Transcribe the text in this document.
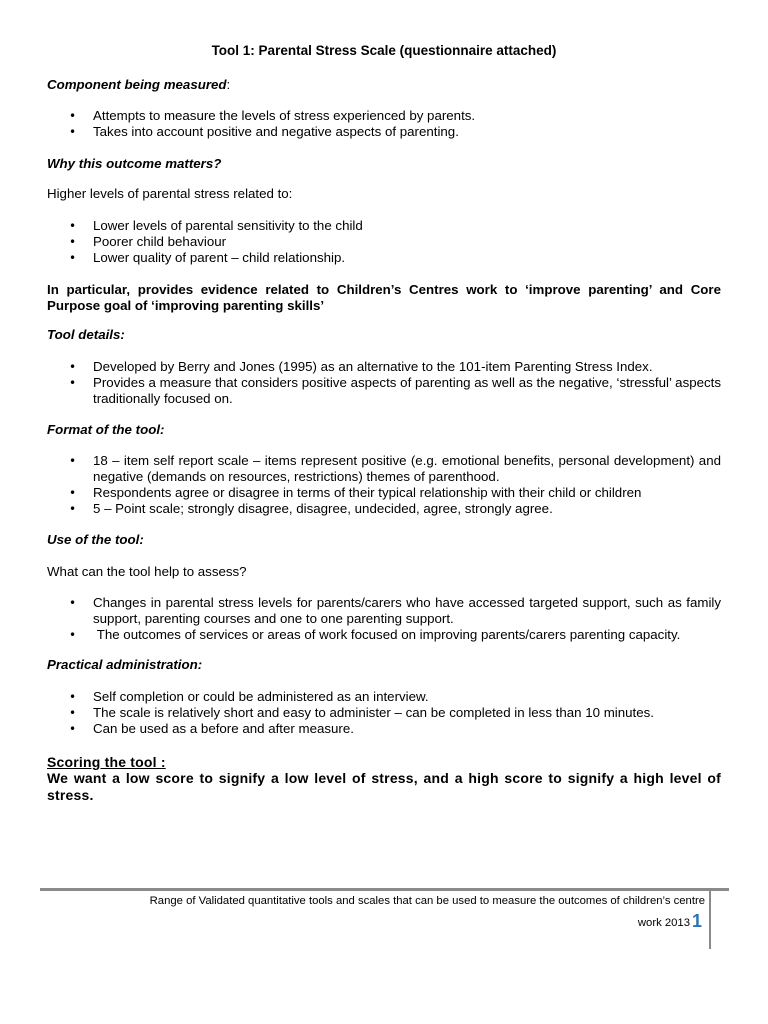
Tool 1: Parental Stress Scale (questionnaire attached)
Component being measured:
• Attempts to measure the levels of stress experienced by parents.
• Takes into account positive and negative aspects of parenting.
Why this outcome matters?
Higher levels of parental stress related to:
• Lower levels of parental sensitivity to the child
• Poorer child behaviour
• Lower quality of parent – child relationship.
In particular, provides evidence related to Children’s Centres work to ‘improve parenting’ and Core Purpose goal of ‘improving parenting skills’
Tool details:
• Developed by Berry and Jones (1995) as an alternative to the 101-item Parenting Stress Index.
• Provides a measure that considers positive aspects of parenting as well as the negative, ‘stressful’ aspects traditionally focused on.
Format of the tool:
• 18 – item self report scale – items represent positive (e.g. emotional benefits, personal development) and negative (demands on resources, restrictions) themes of parenthood.
• Respondents agree or disagree in terms of their typical relationship with their child or children
• 5 – Point scale; strongly disagree, disagree, undecided, agree, strongly agree.
Use of the tool:
What can the tool help to assess?
• Changes in parental stress levels for parents/carers who have accessed targeted support, such as family support, parenting courses and one to one parenting support.
•  The outcomes of services or areas of work focused on improving parents/carers parenting capacity.
Practical administration:
• Self completion or could be administered as an interview.
• The scale is relatively short and easy to administer – can be completed in less than 10 minutes.
• Can be used as a before and after measure.
Scoring the tool :
We want a low score to signify a low level of stress, and a high score to signify a high level of stress.
Range of Validated quantitative tools and scales that can be used to measure the outcomes of children’s centre
work 2013 1
